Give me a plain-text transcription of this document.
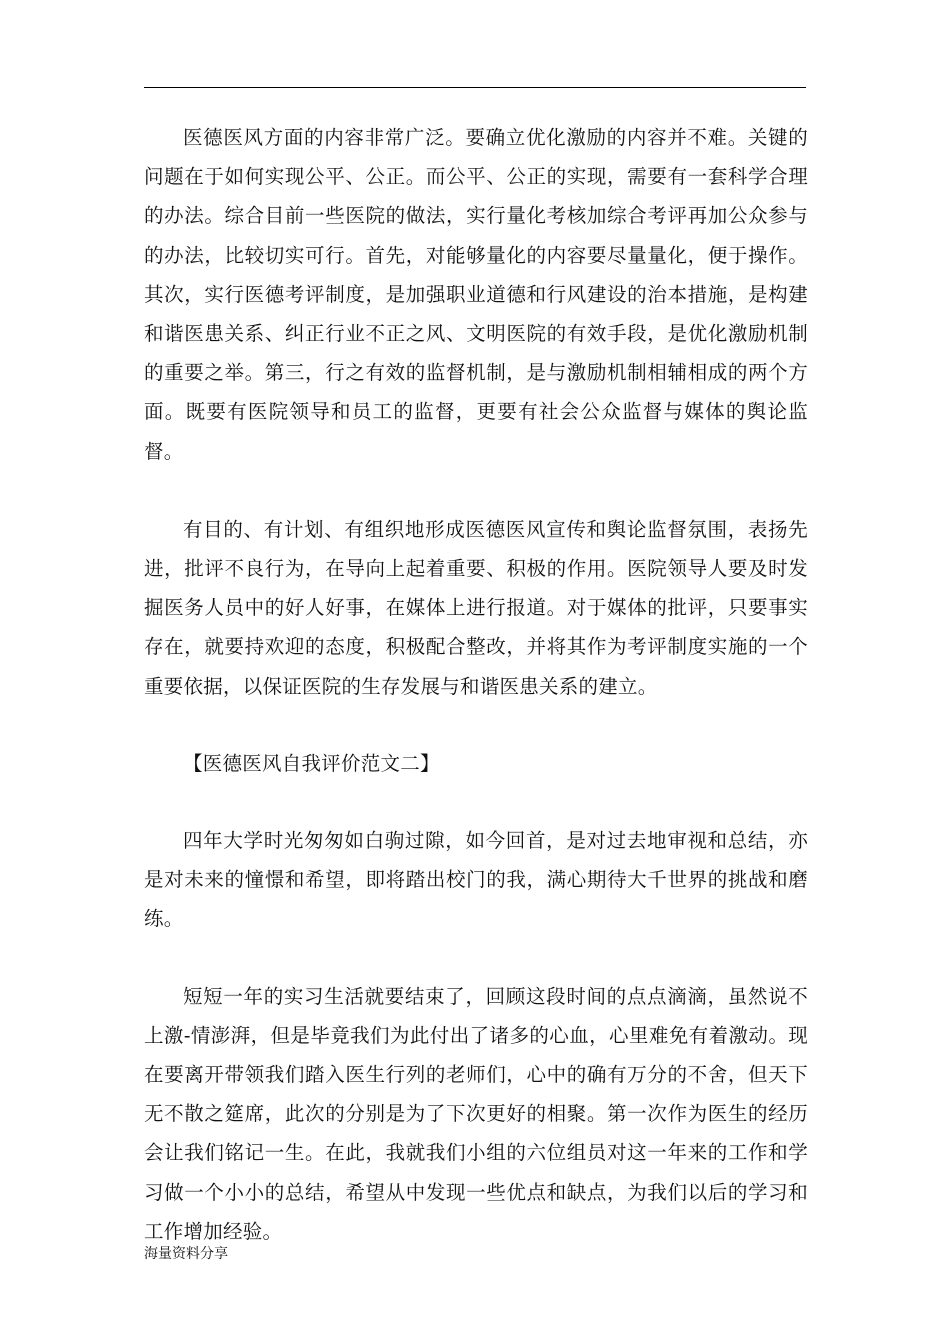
医德医风方面的内容非常广泛。要确立优化激励的内容并不难。关键的问题在于如何实现公平、公正。而公平、公正的实现，需要有一套科学合理的办法。综合目前一些医院的做法，实行量化考核加综合考评再加公众参与的办法，比较切实可行。首先，对能够量化的内容要尽量量化，便于操作。其次，实行医德考评制度，是加强职业道德和行风建设的治本措施，是构建和谐医患关系、纠正行业不正之风、文明医院的有效手段，是优化激励机制的重要之举。第三，行之有效的监督机制，是与激励机制相辅相成的两个方面。既要有医院领导和员工的监督，更要有社会公众监督与媒体的舆论监督。

有目的、有计划、有组织地形成医德医风宣传和舆论监督氛围，表扬先进，批评不良行为，在导向上起着重要、积极的作用。医院领导人要及时发掘医务人员中的好人好事，在媒体上进行报道。对于媒体的批评，只要事实存在，就要持欢迎的态度，积极配合整改，并将其作为考评制度实施的一个重要依据，以保证医院的生存发展与和谐医患关系的建立。

【医德医风自我评价范文二】

四年大学时光匆匆如白驹过隙，如今回首，是对过去地审视和总结，亦是对未来的憧憬和希望，即将踏出校门的我，满心期待大千世界的挑战和磨练。

短短一年的实习生活就要结束了，回顾这段时间的点点滴滴，虽然说不上激-情澎湃，但是毕竟我们为此付出了诸多的心血，心里难免有着激动。现在要离开带领我们踏入医生行列的老师们，心中的确有万分的不舍，但天下无不散之筵席，此次的分别是为了下次更好的相聚。第一次作为医生的经历会让我们铭记一生。在此，我就我们小组的六位组员对这一年来的工作和学习做一个小小的总结，希望从中发现一些优点和缺点，为我们以后的学习和工作增加经验。

海量资料分享
